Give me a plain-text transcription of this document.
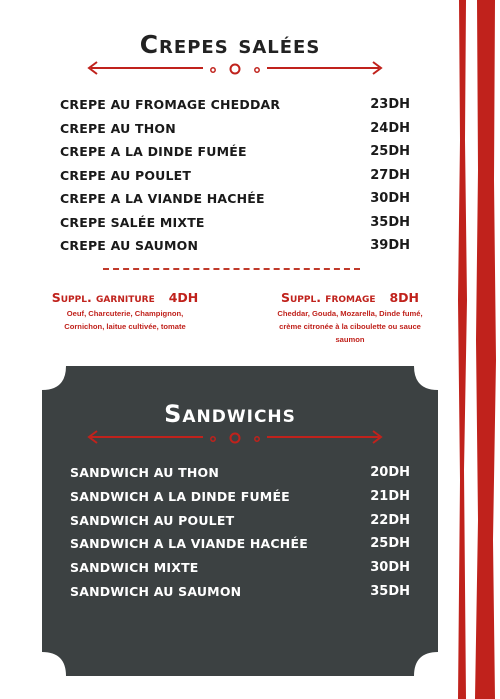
Crepes salées
CREPE AU FROMAGE CHEDDAR	23DH
CREPE AU THON	24DH
CREPE A LA DINDE FUMÉE	25DH
CREPE AU POULET	27DH
CREPE A LA VIANDE HACHÉE	30DH
CREPE SALÉE MIXTE	35DH
CREPE AU SAUMON	39DH
Suppl. garniture 4DH
Oeuf, Charcuterie, Champignon,
Cornichon, laitue cultivée, tomate
Suppl. fromage 8DH
Cheddar, Gouda, Mozarella, Dinde fumé,
crème citronée à la ciboulette ou sauce
saumon
Sandwichs
SANDWICH AU THON	20DH
SANDWICH A LA DINDE FUMÉE	21DH
SANDWICH AU POULET	22DH
SANDWICH A LA VIANDE HACHÉE	25DH
SANDWICH MIXTE	30DH
SANDWICH AU SAUMON	35DH
